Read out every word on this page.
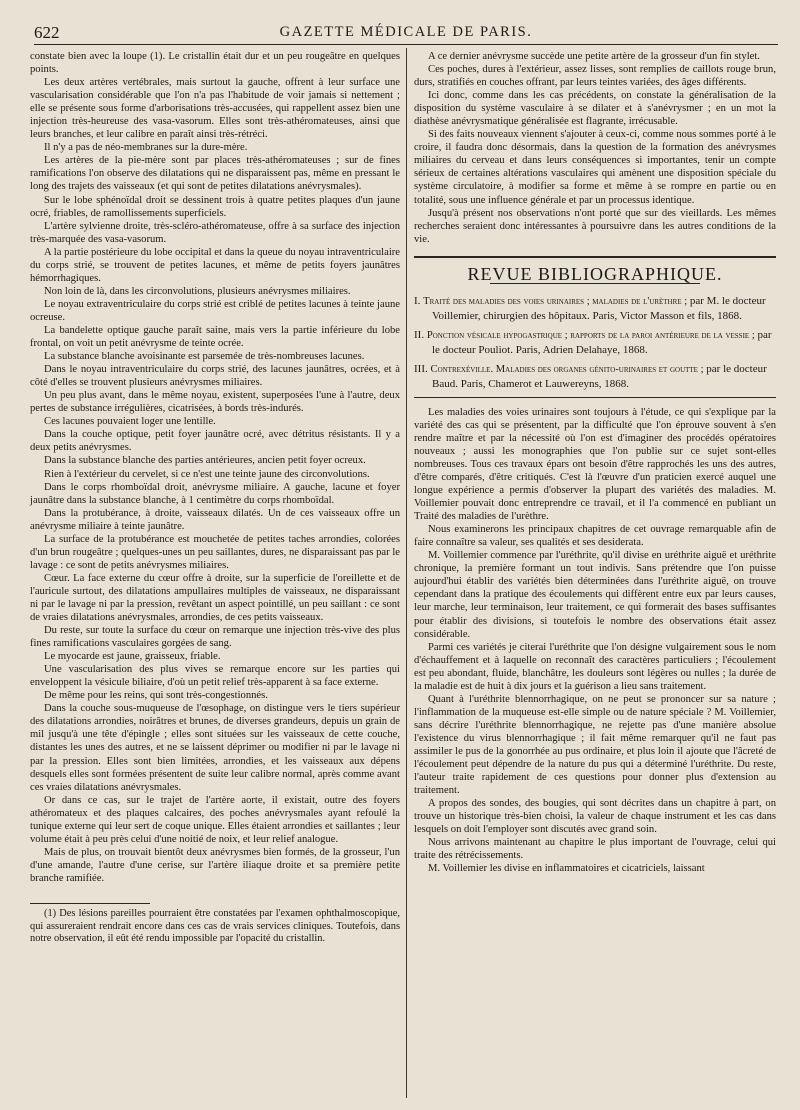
622	GAZETTE MÉDICALE DE PARIS.

constate bien avec la loupe (1). Le cristallin était dur et un peu rougeâtre en quelques points.

Les deux artères vertébrales, mais surtout la gauche, offrent à leur surface une vascularisation considérable que l'on n'a pas l'habitude de voir jamais si nettement ; elle se présente sous forme d'arborisations très-accusées, qui rappellent assez bien une injection très-heureuse des vasa-vasorum. Elles sont très-athéromateuses, ainsi que leurs branches, et leur calibre en paraît ainsi très-rétréci.

Il n'y a pas de néo-membranes sur la dure-mère.

Les artères de la pie-mère sont par places très-athéromateuses ; sur de fines ramifications l'on observe des dilatations qui ne disparaissent pas, même en pressant le long des trajets des vaisseaux (et qui sont de petites dilatations anévrysmales).

Sur le lobe sphénoïdal droit se dessinent trois à quatre petites plaques d'un jaune ocré, friables, de ramollissements superficiels.

L'artère sylvienne droite, très-scléro-athéromateuse, offre à sa surface des injection très-marquée des vasa-vasorum.

A la partie postérieure du lobe occipital et dans la queue du noyau intraventriculaire du corps strié, se trouvent de petites lacunes, et même de petits foyers jaunâtres hémorrhagiques.

Non loin de là, dans les circonvolutions, plusieurs anévrysmes miliaires.

Le noyau extraventriculaire du corps strié est criblé de petites lacunes à teinte jaune ocreuse.

La bandelette optique gauche paraît saine, mais vers la partie inférieure du lobe frontal, on voit un petit anévrysme de teinte ocrée.

La substance blanche avoisinante est parsemée de très-nombreuses lacunes.

Dans le noyau intraventriculaire du corps strié, des lacunes jaunâtres, ocrées, et à côté d'elles se trouvent plusieurs anévrysmes miliaires.

Un peu plus avant, dans le même noyau, existent, superposées l'une à l'autre, deux pertes de substance irrégulières, cicatrisées, à bords très-indurés.

Ces lacunes pouvaient loger une lentille.

Dans la couche optique, petit foyer jaunâtre ocré, avec détritus résistants. Il y a deux petits anévrysmes.

Dans la substance blanche des parties antérieures, ancien petit foyer ocreux.

Rien à l'extérieur du cervelet, si ce n'est une teinte jaune des circonvolutions.

Dans le corps rhomboïdal droit, anévrysme miliaire. A gauche, lacune et foyer jaunâtre dans la substance blanche, à 1 centimètre du corps rhomboïdal.

Dans la protubérance, à droite, vaisseaux dilatés. Un de ces vaisseaux offre un anévrysme miliaire à teinte jaunâtre.

La surface de la protubérance est mouchetée de petites taches arrondies, colorées d'un brun rougeâtre ; quelques-unes un peu saillantes, dures, ne disparaissant pas par le lavage : ce sont de petits anévrysmes miliaires.

Cœur. La face externe du cœur offre à droite, sur la superficie de l'oreillette et de l'auricule surtout, des dilatations ampullaires multiples de vaisseaux, ne disparaissant ni par le lavage ni par la pression, revêtant un aspect pointillé, un peu saillant : ce sont de vraies dilatations anévrysmales, arrondies, de ces petits vaisseaux.

Du reste, sur toute la surface du cœur on remarque une injection très-vive des plus fines ramifications vasculaires gorgées de sang.

Le myocarde est jaune, graisseux, friable.

Une vascularisation des plus vives se remarque encore sur les parties qui enveloppent la vésicule biliaire, d'où un petit relief très-apparent à sa face externe.

De même pour les reins, qui sont très-congestionnés.

Dans la couche sous-muqueuse de l'œsophage, on distingue vers le tiers supérieur des dilatations arrondies, noirâtres et brunes, de diverses grandeurs, depuis un grain de mil jusqu'à une tête d'épingle ; elles sont situées sur les vaisseaux de cette couche, distantes les unes des autres, et ne se laissent déprimer ou modifier ni par le lavage ni par la pression. Elles sont bien limitées, arrondies, et les vaisseaux aux dépens desquels elles sont formées présentent de suite leur calibre normal, après comme avant ces vraies dilatations anévrysmales.

Or dans ce cas, sur le trajet de l'artère aorte, il existait, outre des foyers athéromateux et des plaques calcaires, des poches anévrysmales ayant refoulé la tunique externe qui leur sert de coque unique. Elles étaient arrondies et saillantes ; leur volume était à peu près celui d'une noitié de noix, et leur relief analogue.

Mais de plus, on trouvait bientôt deux anévrysmes bien formés, de la grosseur, l'un d'une amande, l'autre d'une cerise, sur l'artère iliaque droite et sa première petite branche ramifiée.

(1) Des lésions pareilles pourraient être constatées par l'examen ophthalmoscopique, qui assureraient rendrait encore dans ces cas de vrais services cliniques. Toutefois, dans notre observation, il eût été rendu impossible par l'opacité du cristallin.

A ce dernier anévrysme succède une petite artère de la grosseur d'un fin stylet.

Ces poches, dures à l'extérieur, assez lisses, sont remplies de caillots rouge brun, durs, stratifiés en couches offrant, par leurs teintes variées, des âges différents.

Ici donc, comme dans les cas précédents, on constate la généralisation de la disposition du système vasculaire à se dilater et à s'anévrysmer ; en un mot la diathèse anévrysmatique généralisée est flagrante, irrécusable.

Si des faits nouveaux viennent s'ajouter à ceux-ci, comme nous sommes porté à le croire, il faudra donc désormais, dans la question de la formation des anévrysmes miliaires du cerveau et dans leurs conséquences si importantes, tenir un compte sérieux de certaines altérations vasculaires qui amènent une disposition spéciale du système circulatoire, à modifier sa forme et même à se rompre en partie ou en totalité, sous une influence générale et par un processus identique.

Jusqu'à présent nos observations n'ont porté que sur des vieillards. Les mêmes recherches seraient donc intéressantes à poursuivre dans les autres conditions de la vie.

REVUE BIBLIOGRAPHIQUE.
I. Traité des maladies des voies urinaires ; maladies de l'urèthre ; par M. le docteur Voillemier, chirurgien des hôpitaux. Paris, Victor Masson et fils, 1868.
II. Ponction vésicale hypogastrique ; rapports de la paroi antérieure de la vessie ; par le docteur Pouliot. Paris, Adrien Delahaye, 1868.
III. Contrexéville. Maladies des organes génito-urinaires et goutte ; par le docteur Baud. Paris, Chamerot et Lauwereyns, 1868.

Les maladies des voies urinaires sont toujours à l'étude, ce qui s'explique par la variété des cas qui se présentent, par la difficulté que l'on éprouve souvent à s'en rendre maître et par la nécessité où l'on est d'imaginer des procédés opératoires nouveaux ; aussi les monographies que l'on publie sur ce sujet sont-elles nombreuses. Tous ces travaux épars ont besoin d'être rapprochés les uns des autres, d'être comparés, d'être critiqués. C'est là l'œuvre d'un praticien exercé auquel une longue expérience a permis d'observer la plupart des variétés des maladies. M. Voillemier pouvait donc entreprendre ce travail, et il l'a commencé en publiant un Traité des maladies de l'urèthre.

Nous examinerons les principaux chapitres de cet ouvrage remarquable afin de faire connaître sa valeur, ses qualités et ses desiderata.

M. Voillemier commence par l'uréthrite, qu'il divise en uréthrite aiguë et uréthrite chronique, la première formant un tout indivis. Sans prétendre que l'on puisse aujourd'hui établir des variétés bien déterminées dans l'uréthrite aiguë, on trouve cependant dans la pratique des écoulements qui diffèrent entre eux par leurs causes, leur marche, leur terminaison, leur traitement, ce qui formerait des bases suffisantes pour établir des divisions, si toutefois le nombre des observations était assez considérable.

Parmi ces variétés je citerai l'uréthrite que l'on désigne vulgairement sous le nom d'échauffement et à laquelle on reconnaît des caractères particuliers ; l'écoulement est peu abondant, fluide, blanchâtre, les douleurs sont légères ou nulles ; la durée de la maladie est de huit à dix jours et la guérison a lieu sans traitement.

Quant à l'uréthrite blennorrhagique, on ne peut se prononcer sur sa nature ; l'inflammation de la muqueuse est-elle simple ou de nature spéciale ? M. Voillemier, sans décrire l'uréthrite blennorrhagique, ne rejette pas d'une manière absolue l'existence du virus blennorrhagique ; il fait même remarquer qu'il ne faut pas assimiler le pus de la gonorrhée au pus ordinaire, et plus loin il ajoute que l'âcreté de l'écoulement peut dépendre de la nature du pus qui a déterminé l'uréthrite. Du reste, l'auteur traite rapidement de ces questions pour donner plus d'extension au traitement.

A propos des sondes, des bougies, qui sont décrites dans un chapitre à part, on trouve un historique très-bien choisi, la valeur de chaque instrument et les cas dans lesquels on doit l'employer sont discutés avec grand soin.

Nous arrivons maintenant au chapitre le plus important de l'ouvrage, celui qui traite des rétrécissements.

M. Voillemier les divise en inflammatoires et cicatriciels, laissant
